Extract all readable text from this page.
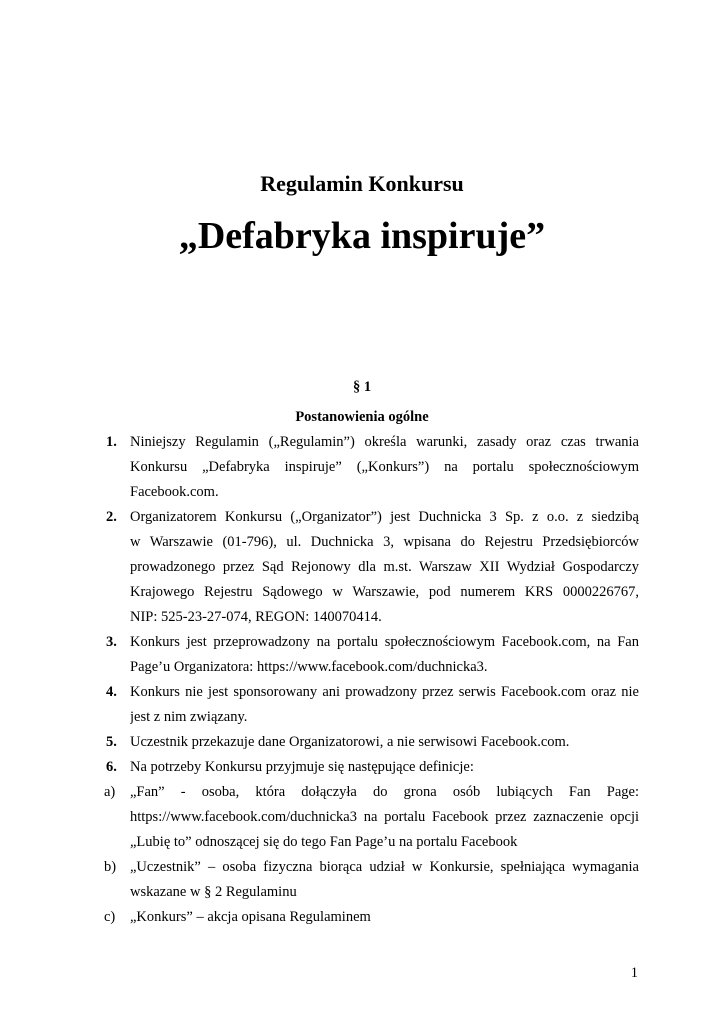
Regulamin Konkursu
„Defabryka inspiruje”
§ 1
Postanowienia ogólne
1. Niniejszy Regulamin („Regulamin”) określa warunki, zasady oraz czas trwania
Konkursu „Defabryka inspiruje” („Konkurs”) na portalu społecznościowym
Facebook.com.
2. Organizatorem Konkursu („Organizator”) jest Duchnicka 3 Sp. z o.o. z siedzibą
w Warszawie (01-796), ul. Duchnicka 3, wpisana do Rejestru Przedsiębiorców
prowadzonego przez Sąd Rejonowy dla m.st. Warszaw XII Wydział Gospodarczy
Krajowego Rejestru Sądowego w Warszawie, pod numerem KRS 0000226767,
NIP: 525-23-27-074, REGON: 140070414.
3. Konkurs jest przeprowadzony na portalu społecznościowym Facebook.com, na Fan
Page’u Organizatora: https://www.facebook.com/duchnicka3.
4. Konkurs nie jest sponsorowany ani prowadzony przez serwis Facebook.com oraz nie
jest z nim związany.
5. Uczestnik przekazuje dane Organizatorowi, a nie serwisowi Facebook.com.
6. Na potrzeby Konkursu przyjmuje się następujące definicje:
a) „Fan” - osoba, która dołączyła do grona osób lubiących Fan Page:
https://www.facebook.com/duchnicka3 na portalu Facebook przez zaznaczenie opcji
„Lubię to” odnoszącej się do tego Fan Page’u na portalu Facebook
b) „Uczestnik” – osoba fizyczna biorąca udział w Konkursie, spełniająca wymagania
wskazane w § 2 Regulaminu
c) „Konkurs” – akcja opisana Regulaminem
1
